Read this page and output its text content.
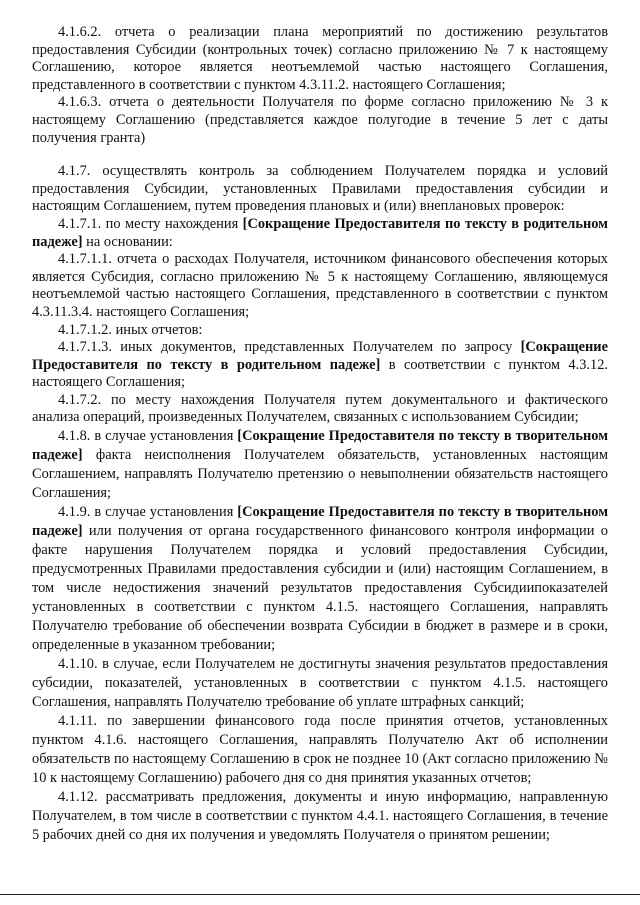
4.1.6.2. отчета о реализации плана мероприятий по достижению результатов предоставления Субсидии (контрольных точек) согласно приложению № 7 к настоящему Соглашению, которое является неотъемлемой частью настоящего Соглашения, представленного в соответствии с пунктом 4.3.11.2. настоящего Соглашения;

4.1.6.3. отчета о деятельности Получателя по форме согласно приложению № 3 к настоящему Соглашению (представляется каждое полугодие в течение 5 лет с даты получения гранта)

4.1.7. осуществлять контроль за соблюдением Получателем порядка и условий предоставления Субсидии, установленных Правилами предоставления субсидии и настоящим Соглашением, путем проведения плановых и (или) внеплановых проверок:

4.1.7.1. по месту нахождения [Сокращение Предоставителя по тексту в родительном падеже] на основании:

4.1.7.1.1. отчета о расходах Получателя, источником финансового обеспечения которых является Субсидия, согласно приложению № 5 к настоящему Соглашению, являющемуся неотъемлемой частью настоящего Соглашения, представленного в соответствии с пунктом 4.3.11.3.4. настоящего Соглашения;

4.1.7.1.2. иных отчетов:

4.1.7.1.3. иных документов, представленных Получателем по запросу [Сокращение Предоставителя по тексту в родительном падеже] в соответствии с пунктом 4.3.12. настоящего Соглашения;

4.1.7.2. по месту нахождения Получателя путем документального и фактического анализа операций, произведенных Получателем, связанных с использованием Субсидии;

4.1.8. в случае установления [Сокращение Предоставителя по тексту в творительном падеже] факта неисполнения Получателем обязательств, установленных настоящим Соглашением, направлять Получателю претензию о невыполнении обязательств настоящего Соглашения;

4.1.9. в случае установления [Сокращение Предоставителя по тексту в творительном падеже] или получения от органа государственного финансового контроля информации о факте нарушения Получателем порядка и условий предоставления Субсидии, предусмотренных Правилами предоставления субсидии и (или) настоящим Соглашением, в том числе недостижения значений результатов предоставления Субсидиипоказателей установленных в соответствии с пунктом 4.1.5. настоящего Соглашения, направлять Получателю требование об обеспечении возврата Субсидии в бюджет в размере и в сроки, определенные в указанном требовании;

4.1.10. в случае, если Получателем не достигнуты значения результатов предоставления субсидии, показателей, установленных в соответствии с пунктом 4.1.5. настоящего Соглашения, направлять Получателю требование об уплате штрафных санкций;

4.1.11. по завершении финансового года после принятия отчетов, установленных пунктом 4.1.6. настоящего Соглашения, направлять Получателю Акт об исполнении обязательств по настоящему Соглашению в срок не позднее 10 (Акт согласно приложению № 10 к настоящему Соглашению) рабочего дня со дня принятия указанных отчетов;

4.1.12. рассматривать предложения, документы и иную информацию, направленную Получателем, в том числе в соответствии с пунктом 4.4.1. настоящего Соглашения, в течение 5 рабочих дней со дня их получения и уведомлять Получателя о принятом решении;
